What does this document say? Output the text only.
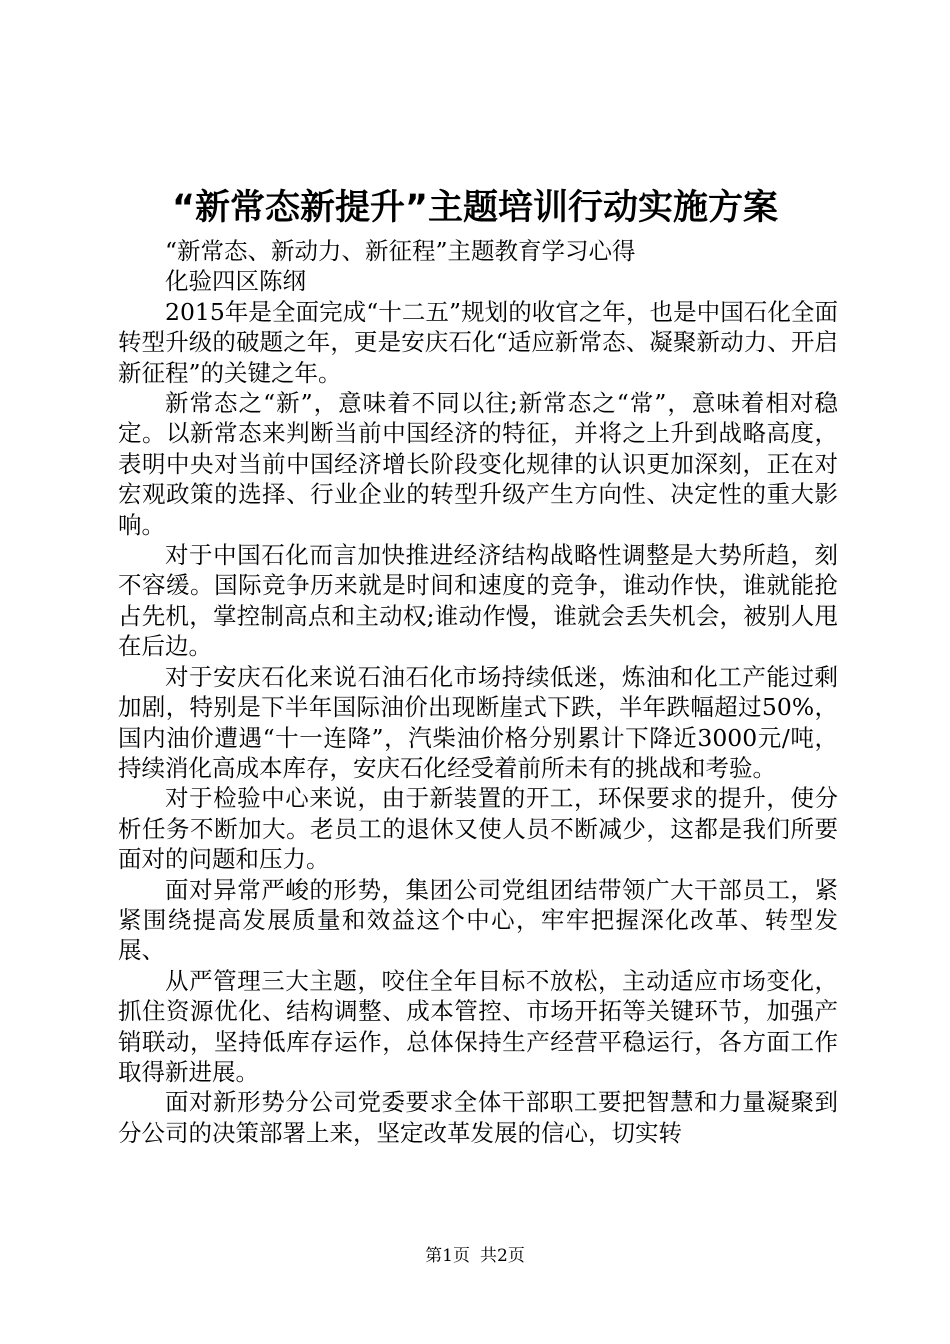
“新常态新提升”主题培训行动实施方案

“新常态、新动力、新征程”主题教育学习心得

化验四区陈纲

2015年是全面完成“十二五”规划的收官之年，也是中国石化全面转型升级的破题之年，更是安庆石化“适应新常态、凝聚新动力、开启新征程”的关键之年。

新常态之“新”，意味着不同以往;新常态之“常”，意味着相对稳定。以新常态来判断当前中国经济的特征，并将之上升到战略高度，表明中央对当前中国经济增长阶段变化规律的认识更加深刻，正在对宏观政策的选择、行业企业的转型升级产生方向性、决定性的重大影响。

对于中国石化而言加快推进经济结构战略性调整是大势所趋，刻不容缓。国际竞争历来就是时间和速度的竞争，谁动作快，谁就能抢占先机，掌控制高点和主动权;谁动作慢，谁就会丢失机会，被别人甩在后边。

对于安庆石化来说石油石化市场持续低迷，炼油和化工产能过剩加剧，特别是下半年国际油价出现断崖式下跌，半年跌幅超过50%，国内油价遭遇“十一连降”，汽柴油价格分别累计下降近3000元/吨，持续消化高成本库存，安庆石化经受着前所未有的挑战和考验。

对于检验中心来说，由于新装置的开工，环保要求的提升，使分析任务不断加大。老员工的退休又使人员不断减少，这都是我们所要面对的问题和压力。

面对异常严峻的形势，集团公司党组团结带领广大干部员工，紧紧围绕提高发展质量和效益这个中心，牢牢把握深化改革、转型发展、

从严管理三大主题，咬住全年目标不放松，主动适应市场变化，抓住资源优化、结构调整、成本管控、市场开拓等关键环节，加强产销联动，坚持低库存运作，总体保持生产经营平稳运行，各方面工作取得新进展。

面对新形势分公司党委要求全体干部职工要把智慧和力量凝聚到分公司的决策部署上来，坚定改革发展的信心，切实转

第1页 共2页
